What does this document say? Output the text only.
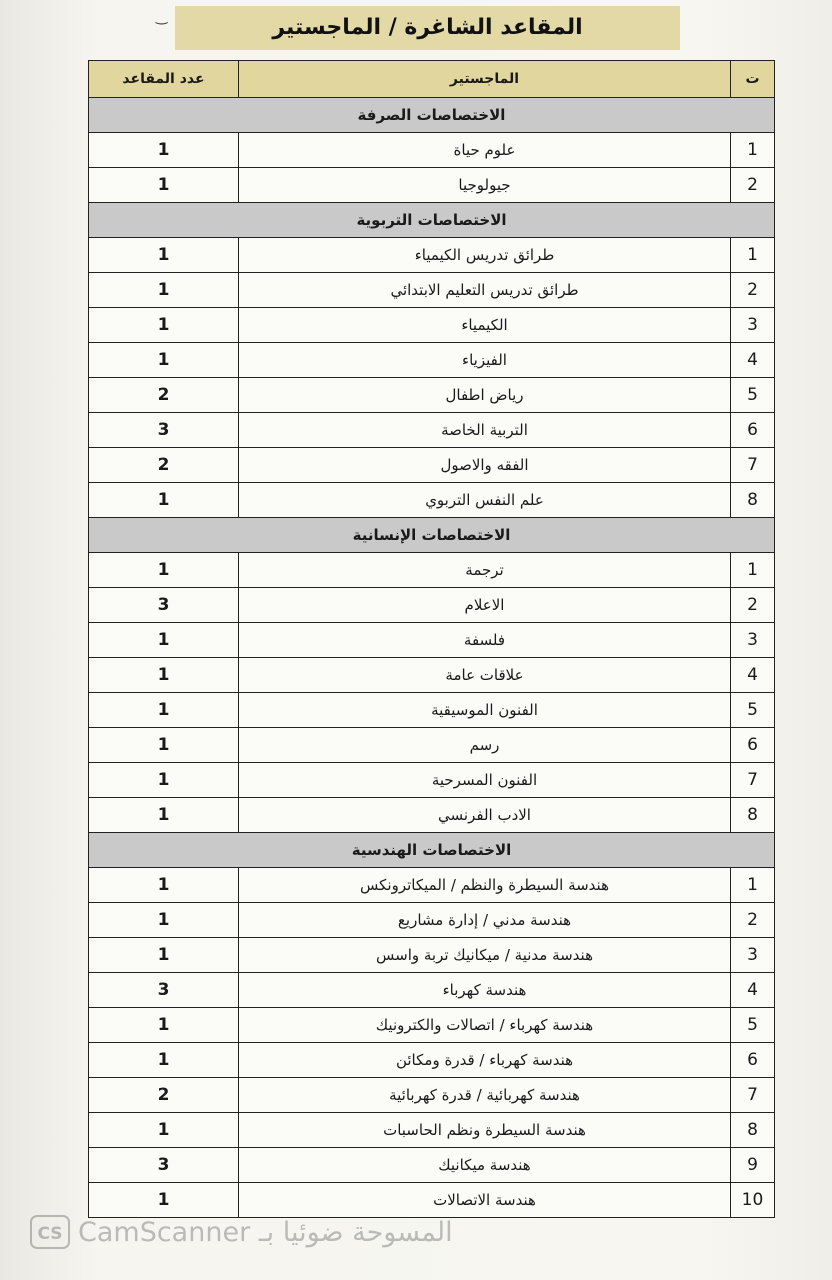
‿	المقاعد الشاغرة / الماجستير
ت	الماجستير	عدد المقاعد
الاختصاصات الصرفة		
1	علوم حياة	1
2	جيولوجيا	1
الاختصاصات التربوية		
1	طرائق تدريس الكيمياء	1
2	طرائق تدريس التعليم الابتدائي	1
3	الكيمياء	1
4	الفيزياء	1
5	رياض اطفال	2
6	التربية الخاصة	3
7	الفقه والاصول	2
8	علم النفس التربوي	1
الاختصاصات الإنسانية		
1	ترجمة	1
2	الاعلام	3
3	فلسفة	1
4	علاقات عامة	1
5	الفنون الموسيقية	1
6	رسم	1
7	الفنون المسرحية	1
8	الادب الفرنسي	1
الاختصاصات الهندسية		
1	هندسة السيطرة والنظم / الميكاترونكس	1
2	هندسة مدني / إدارة مشاريع	1
3	هندسة مدنية / ميكانيك تربة واسس	1
4	هندسة كهرباء	3
5	هندسة كهرباء / اتصالات والكترونيك	1
6	هندسة كهرباء / قدرة ومكائن	1
7	هندسة كهربائية / قدرة كهربائية	2
8	هندسة السيطرة ونظم الحاسبات	1
9	هندسة ميكانيك	3
10	هندسة الاتصالات	1
CS CamScanner المسوحة ضوئيا بـ
